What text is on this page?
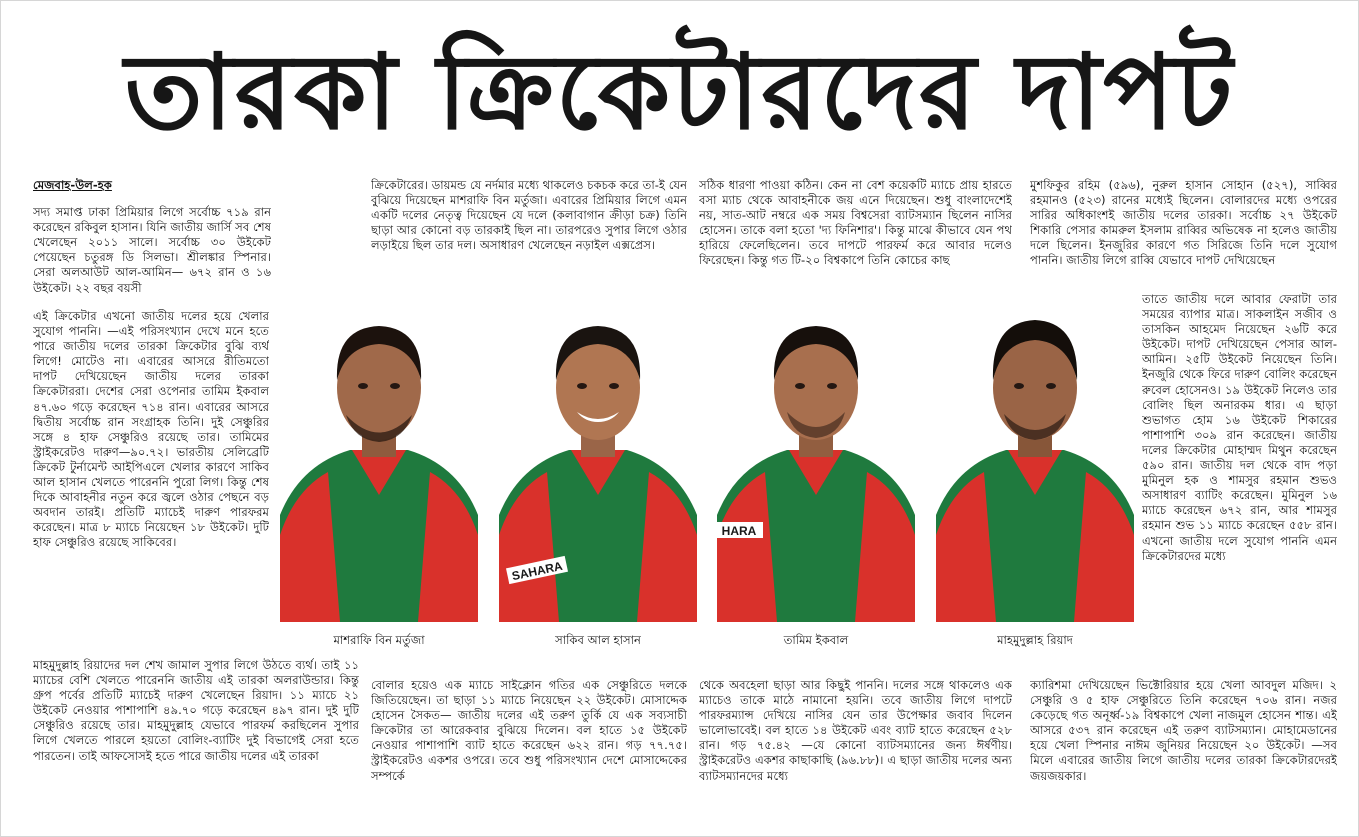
তারকা ক্রিকেটারদের দাপট

মেজবাহ-উল-হক

সদ্য সমাপ্ত ঢাকা প্রিমিয়ার লিগে সর্বোচ্চ ৭১৯ রান করেছেন রকিবুল হাসান। যিনি জাতীয় জার্সি সব শেষ খেলেছেন ২০১১ সালে। সর্বোচ্চ ৩০ উইকেট পেয়েছেন চতুরঙ্গ ডি সিলভা। শ্রীলঙ্কার স্পিনার। সেরা অলআউট আল-আমিন— ৬৭২ রান ও ১৬ উইকেট। ২২ বছর বয়সী

এই ক্রিকেটার এখনো জাতীয় দলের হয়ে খেলার সুযোগ পাননি। —এই পরিসংখ্যান দেখে মনে হতে পারে জাতীয় দলের তারকা ক্রিকেটার বুঝি ব্যর্থ লিগে! মোটেও না। এবারের আসরে রীতিমতো দাপট দেখিয়েছেন জাতীয় দলের তারকা ক্রিকেটাররা। দেশের সেরা ওপেনার তামিম ইকবাল ৪৭.৬০ গড়ে করেছেন ৭১৪ রান। এবারের আসরে দ্বিতীয় সর্বোচ্চ রান সংগ্রাহক তিনি। দুই সেঞ্চুরির সঙ্গে ৪ হাফ সেঞ্চুরিও রয়েছে তার। তামিমের স্ট্রাইকরেটও দারুণ—৯০.৭২। ভারতীয় সেলিব্রেটি ক্রিকেট টুর্নামেন্ট আইপিএলে খেলার কারণে সাকিব আল হাসান খেলতে পারেননি পুরো লিগ। কিন্তু শেষ দিকে আবাহনীর নতুন করে জ্বলে ওঠার পেছনে বড় অবদান তারই। প্রতিটি ম্যাচেই দারুণ পারফরম করেছেন। মাত্র ৮ ম্যাচে নিয়েছেন ১৮ উইকেট। দুটি হাফ সেঞ্চুরিও রয়েছে সাকিবের।

মাহমুদুল্লাহ রিয়াদের দল শেখ জামাল সুপার লিগে উঠতে ব্যর্থ। তাই ১১ ম্যাচের বেশি খেলতে পারেননি জাতীয় এই তারকা অলরাউন্ডার। কিন্তু গ্রুপ পর্বের প্রতিটি ম্যাচেই দারুণ খেলেছেন রিয়াদ। ১১ ম্যাচে ২১ উইকেট নেওয়ার পাশাপাশি ৪৯.৭০ গড়ে করেছেন ৪৯৭ রান। দুই দুটি সেঞ্চুরিও রয়েছে তার। মাহমুদুল্লাহ যেভাবে পারফর্ম করছিলেন সুপার লিগে খেলতে পারলে হয়তো বোলিং-ব্যাটিং দুই বিভাগেই সেরা হতে পারতেন। তাই আফসোসই হতে পারে জাতীয় দলের এই তারকা

ক্রিকেটারের। ডায়মন্ড যে নর্দমার মধ্যে থাকলেও চকচক করে তা-ই যেন বুঝিয়ে দিয়েছেন মাশরাফি বিন মর্তুজা। এবারের প্রিমিয়ার লিগে এমন একটি দলের নেতৃত্ব দিয়েছেন যে দলে (কলাবাগান ক্রীড়া চক্র) তিনি ছাড়া আর কোনো বড় তারকাই ছিল না। তারপরেও সুপার লিগে ওঠার লড়াইয়ে ছিল তার দল। অসাধারণ খেলেছেন নড়াইল এক্সপ্রেস।

বোলার হয়েও এক ম্যাচে সাইক্লোন গতির এক সেঞ্চুরিতে দলকে জিতিয়েছেন। তা ছাড়া ১১ ম্যাচে নিয়েছেন ২২ উইকেট। মোসাদ্দেক হোসেন সৈকত— জাতীয় দলের এই তরুণ তুর্কি যে এক সব্যসাচী ক্রিকেটার তা আরেকবার বুঝিয়ে দিলেন। বল হাতে ১৫ উইকেট নেওয়ার পাশাপাশি ব্যাট হাতে করেছেন ৬২২ রান। গড় ৭৭.৭৫। স্ট্রাইকরেটও একশর ওপরে। তবে শুধু পরিসংখ্যান দেশে মোসাদ্দেকের সম্পর্কে

সঠিক ধারণা পাওয়া কঠিন। কেন না বেশ কয়েকটি ম্যাচে প্রায় হারতে বসা ম্যাচ থেকে আবাহনীকে জয় এনে দিয়েছেন। শুধু বাংলাদেশেই নয়, সাত-আট নম্বরে এক সময় বিশ্বসেরা ব্যাটসম্যান ছিলেন নাসির হোসেন। তাকে বলা হতো 'দ্য ফিনিশার'। কিন্তু মাঝে কীভাবে যেন পথ হারিয়ে ফেলেছিলেন। তবে দাপটে পারফর্ম করে আবার দলেও ফিরেছেন। কিন্তু গত টি-২০ বিশ্বকাপে তিনি কোচের কাছ

থেকে অবহেলা ছাড়া আর কিছুই পাননি। দলের সঙ্গে থাকলেও এক ম্যাচেও তাকে মাঠে নামানো হয়নি। তবে জাতীয় লিগে দাপটে পারফরম্যান্স দেখিয়ে নাসির যেন তার উপেক্ষার জবাব দিলেন ভালোভাবেই। বল হাতে ১৪ উইকেট এবং ব্যাট হাতে করেছেন ৫২৮ রান। গড় ৭৫.৪২ —যে কোনো ব্যাটসম্যানের জন্য ঈর্ষণীয়। স্ট্রাইকরেটও একশর কাছাকাছি (৯৬.৮৮)। এ ছাড়া জাতীয় দলের অন্য ব্যাটসম্যানদের মধ্যে

মুশফিকুর রহিম (৫৯৬), নুরুল হাসান সোহান (৫২৭), সাব্বির রহমানও (৫২৩) রানের মধ্যেই ছিলেন। বোলারদের মধ্যে ওপরের সারির অধিকাংশই জাতীয় দলের তারকা। সর্বোচ্চ ২৭ উইকেট শিকারি পেসার কামরুল ইসলাম রাব্বির অভিষেক না হলেও জাতীয় দলে ছিলেন। ইনজুরির কারণে গত সিরিজে তিনি দলে সুযোগ পাননি। জাতীয় লিগে রাব্বি যেভাবে দাপট দেখিয়েছেন

তাতে জাতীয় দলে আবার ফেরাটা তার সময়ের ব্যাপার মাত্র। সাকলাইন সজীব ও তাসকিন আহমেদ নিয়েছেন ২৬টি করে উইকেট। দাপট দেখিয়েছেন পেসার আল-আমিন। ২৫টি উইকেট নিয়েছেন তিনি। ইনজুরি থেকে ফিরে দারুণ বোলিং করেছেন রুবেল হোসেনও। ১৯ উইকেট নিলেও তার বোলিং ছিল অনারকম ধার। এ ছাড়া শুভাগত হোম ১৬ উইকেট শিকারের পাশাপাশি ৩০৯ রান করেছেন। জাতীয় দলের ক্রিকেটার মোহাম্মদ মিথুন করেছেন ৫৯০ রান। জাতীয় দল থেকে বাদ পড়া মুমিনুল হক ও শামসুর রহমান শুভও অসাধারণ ব্যাটিং করেছেন। মুমিনুল ১৬ ম্যাচে করেছেন ৬৭২ রান, আর শামসুর রহমান শুভ ১১ ম্যাচে করেছেন ৫৫৮ রান। এখনো জাতীয় দলে সুযোগ পাননি এমন ক্রিকেটারদের মধ্যে

ক্যারিশমা দেখিয়েছেন ভিক্টোরিয়ার হয়ে খেলা আবদুল মজিদ। ২ সেঞ্চুরি ও ৫ হাফ সেঞ্চুরিতে তিনি করেছেন ৭০৬ রান। নজর কেড়েছে গত অনূর্ধ্ব-১৯ বিশ্বকাপে খেলা নাজমুল হোসেন শান্ত। এই আসরে ৫৩৭ রান করেছেন এই তরুণ ব্যাটসম্যান। মোহামেডানের হয়ে খেলা স্পিনার নাঈম জুনিয়র নিয়েছেন ২০ উইকেট। —সব মিলে এবারের জাতীয় লিগে জাতীয় দলের তারকা ক্রিকেটারদেরই জয়জয়কার।

SAHARA
HARA
মাশরাফি বিন মর্তুজা	সাকিব আল হাসান	তামিম ইকবাল	মাহমুদুল্লাহ রিয়াদ
